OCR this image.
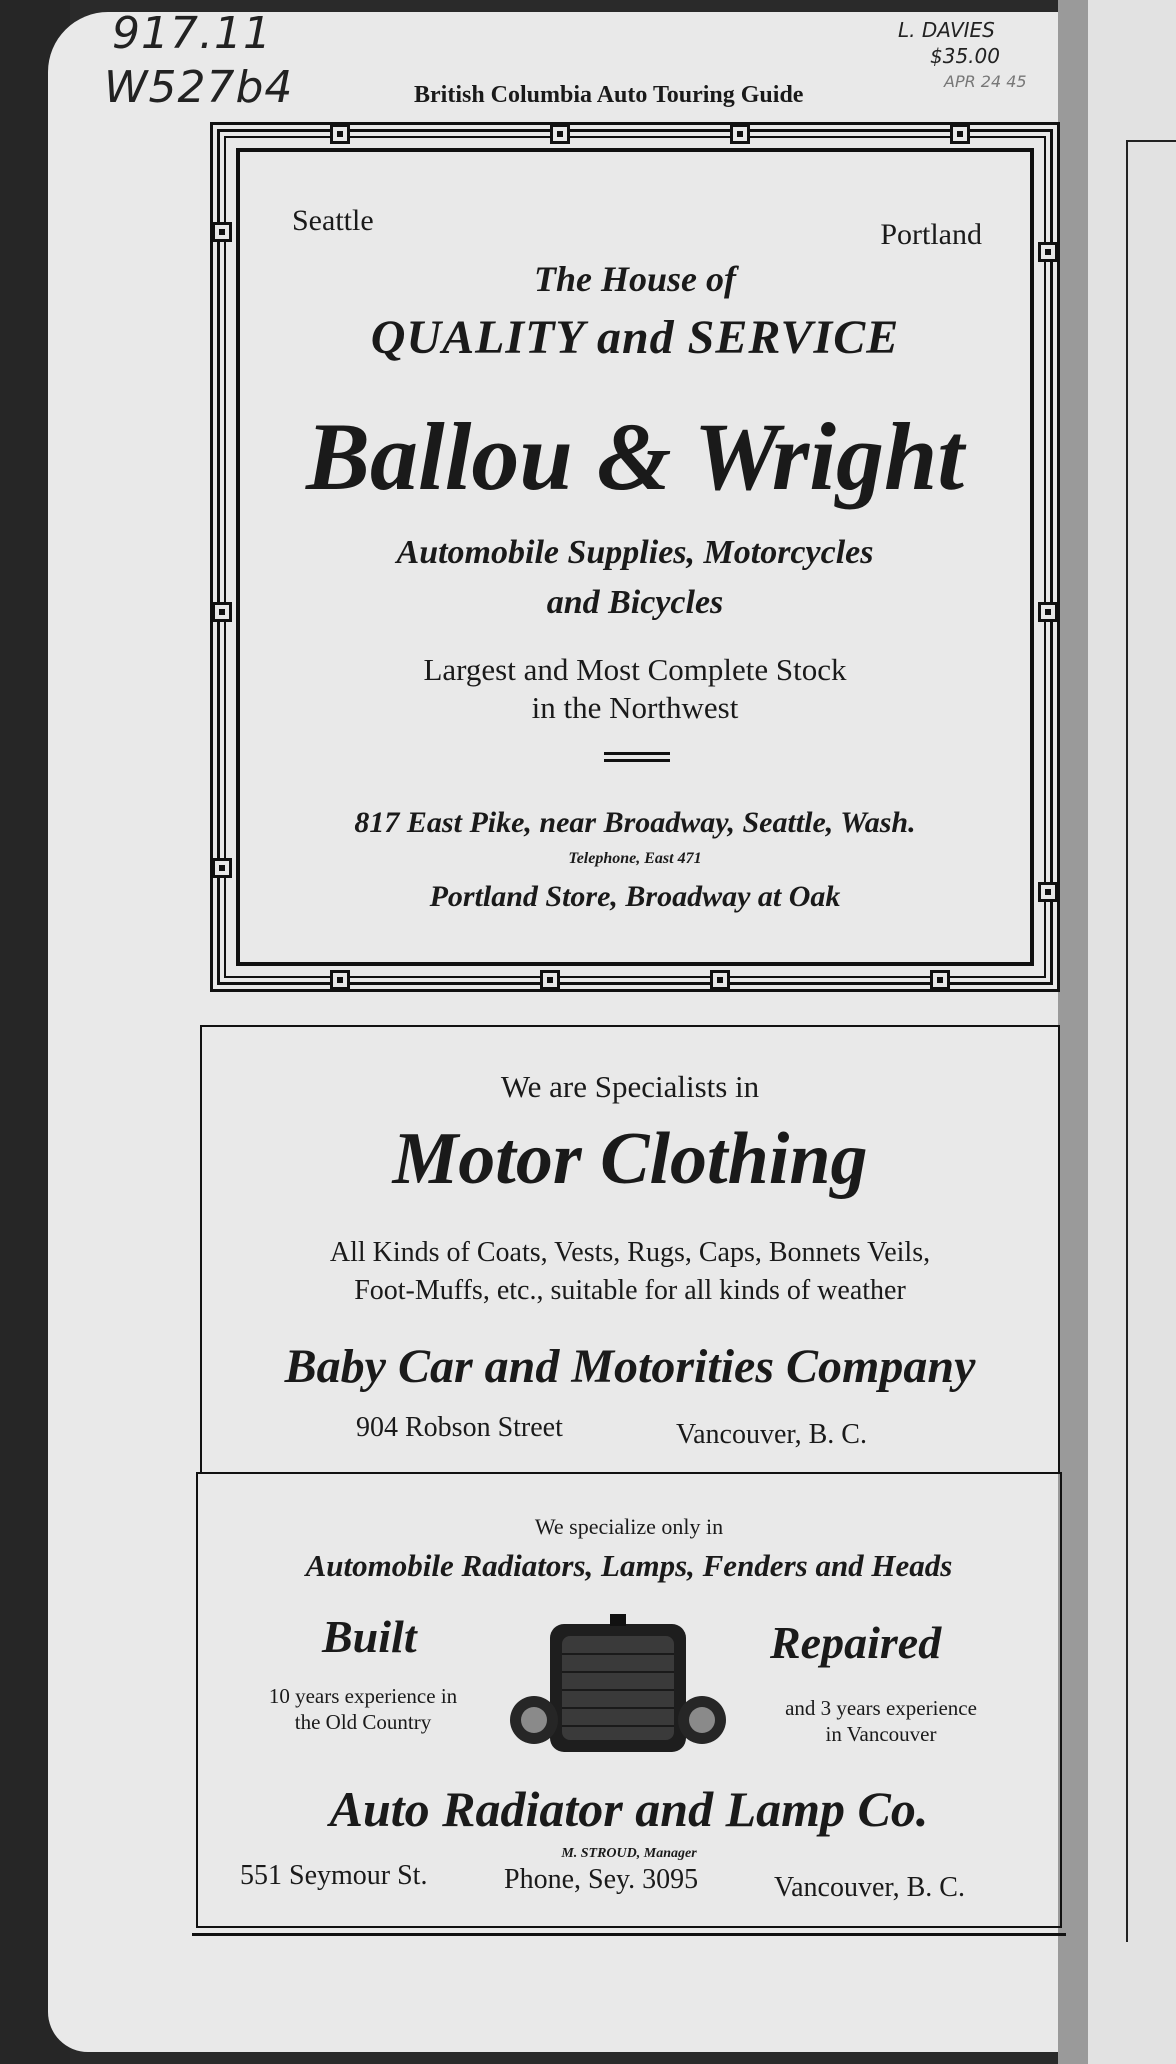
917.11
W527b4
L. DAVIES
$35.00
APR 24 45
British Columbia Auto Touring Guide
Seattle	Portland
The House of
QUALITY and SERVICE
Ballou & Wright
Automobile Supplies, Motorcycles
and Bicycles
Largest and Most Complete Stock
in the Northwest
817 East Pike, near Broadway, Seattle, Wash.
Telephone, East 471
Portland Store, Broadway at Oak
We are Specialists in
Motor Clothing
All Kinds of Coats, Vests, Rugs, Caps, Bonnets Veils,
Foot-Muffs, etc., suitable for all kinds of weather
Baby Car and Motorities Company
904 Robson Street	Vancouver, B. C.
We specialize only in
Automobile Radiators, Lamps, Fenders and Heads
Built
10 years experience in
the Old Country
Repaired
and 3 years experience
in Vancouver
Auto Radiator and Lamp Co.
M. STROUD, Manager
551 Seymour St.	Phone, Sey. 3095	Vancouver, B. C.
